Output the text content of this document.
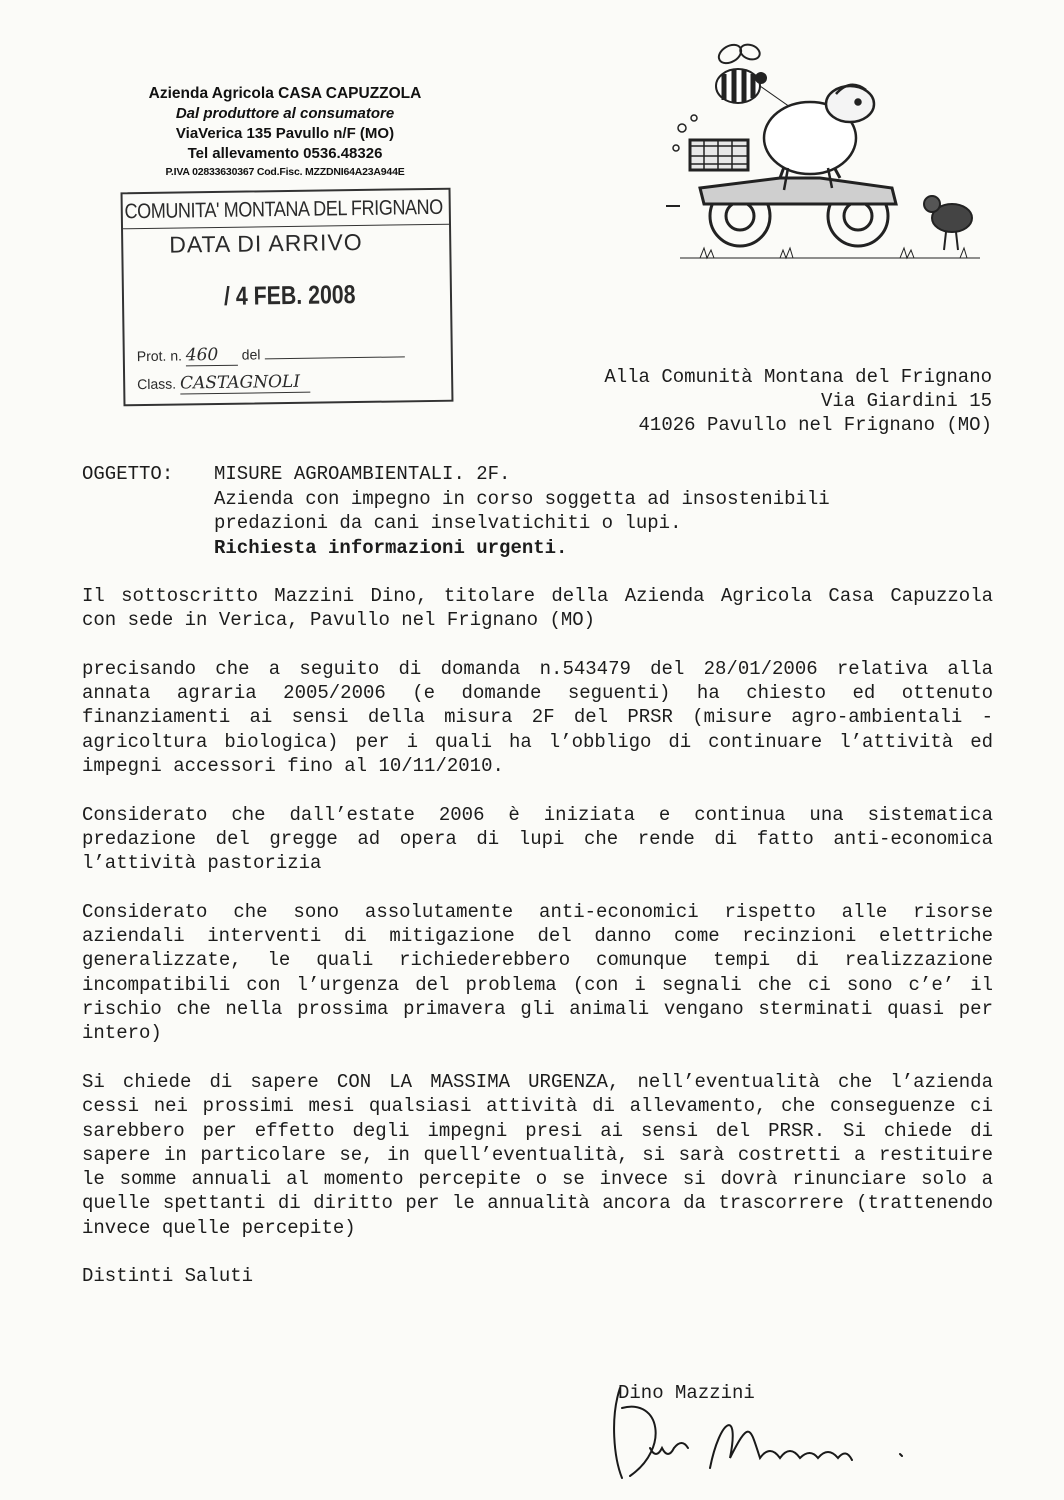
Azienda Agricola CASA CAPUZZOLA
Dal produttore al consumatore
ViaVerica 135 Pavullo n/F (MO)
Tel allevamento 0536.48326
P.IVA 02833630367 Cod.Fisc. MZZDNI64A23A944E
COMUNITA' MONTANA DEL FRIGNANO
DATA DI ARRIVO
/ 4 FEB. 2008
Prot. n. 460 del
Class. CASTAGNOLI	Alla Comunità Montana del Frignano
Via Giardini 15
41026 Pavullo nel Frignano (MO)
OGGETTO: MISURE AGROAMBIENTALI. 2F.
Azienda con impegno in corso soggetta ad insostenibili
predazioni da cani inselvatichiti o lupi.
Richiesta informazioni urgenti.

Il sottoscritto Mazzini Dino, titolare della Azienda Agricola Casa Capuzzola con sede in Verica, Pavullo nel Frignano (MO)

precisando che a seguito di domanda n.543479 del 28/01/2006 relativa alla annata agraria 2005/2006 (e domande seguenti) ha chiesto ed ottenuto finanziamenti ai sensi della misura 2F del PRSR (misure agro-ambientali - agricoltura biologica) per i quali ha l’obbligo di continuare l’attività ed impegni accessori fino al 10/11/2010.

Considerato che dall’estate 2006 è iniziata e continua una sistematica predazione del gregge ad opera di lupi che rende di fatto anti-economica l’attività pastorizia

Considerato che sono assolutamente anti-economici rispetto alle risorse aziendali interventi di mitigazione del danno come recinzioni elettriche generalizzate, le quali richiederebbero comunque tempi di realizzazione incompatibili con l’urgenza del problema (con i segnali che ci sono c’e’ il rischio che nella prossima primavera gli animali vengano sterminati quasi per intero)

Si chiede di sapere CON LA MASSIMA URGENZA, nell’eventualità che l’azienda cessi nei prossimi mesi qualsiasi attività di allevamento, che conseguenze ci sarebbero per effetto degli impegni presi ai sensi del PRSR. Si chiede di sapere in particolare se, in quell’eventualità, si sarà costretti a restituire le somme annuali al momento percepite o se invece si dovrà rinunciare solo a quelle spettanti di diritto per le annualità ancora da trascorrere (trattenendo invece quelle percepite)

Distinti Saluti

Dino Mazzini
